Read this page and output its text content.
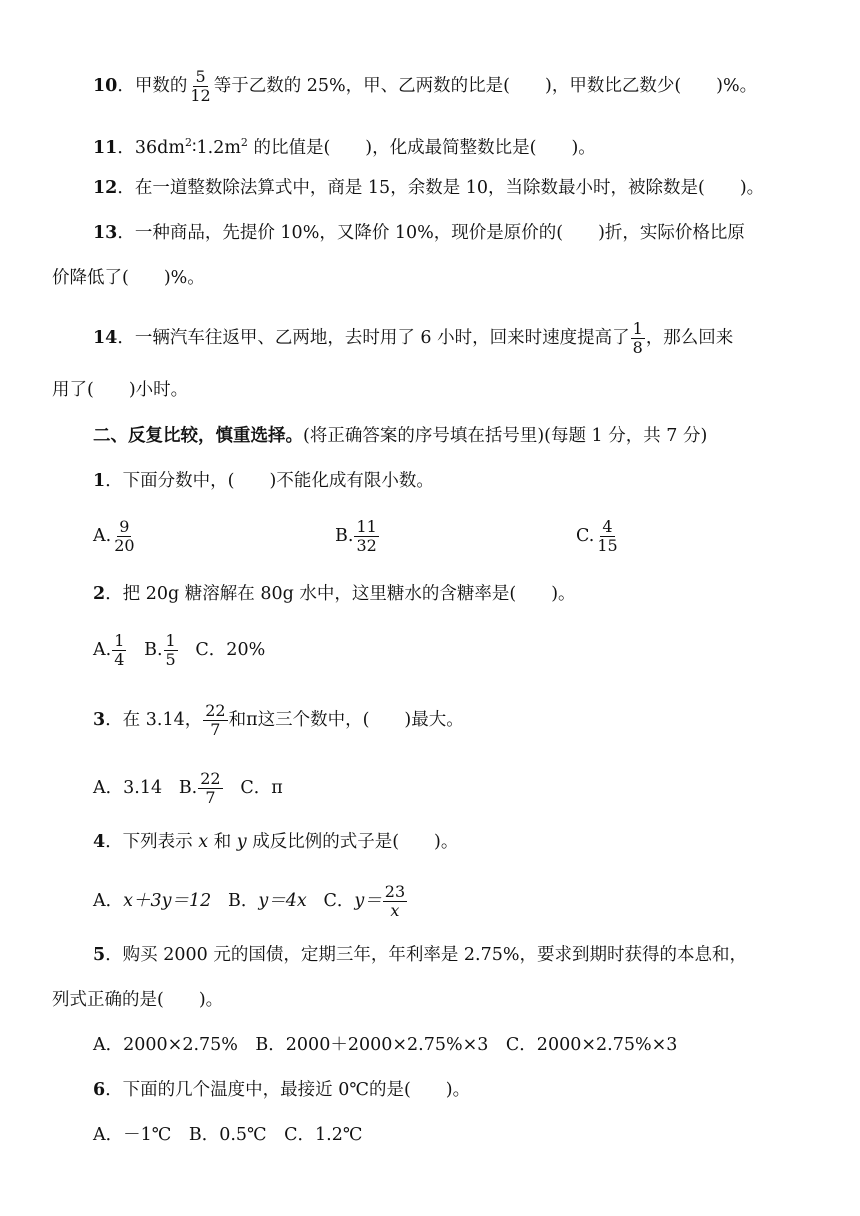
10．甲数的 $\frac{5}{12}$ 等于乙数的 25%，甲、乙两数的比是(　　)，甲数比乙数少(　　)%。
11．$36dm^2∶1.2m^2$ 的比值是(　　)，化成最简整数比是(　　)。
12．在一道整数除法算式中，商是 15，余数是 10，当除数最小时，被除数是(　　)。
13．一种商品，先提价 10%，又降价 10%，现价是原价的(　　)折，实际价格比原
价降低了(　　)%。
14．一辆汽车往返甲、乙两地，去时用了 6 小时，回来时速度提高了 $\frac{1}{8}$ ，那么回来
用了(　　)小时。
二、反复比较，慎重选择。(将正确答案的序号填在括号里)(每题 1 分，共 7 分)
1．下面分数中，(　　)不能化成有限小数。
A. $\frac{9}{20}$	B. $\frac{11}{32}$	C. $\frac{4}{15}$
2．把 20g 糖溶解在 80g 水中，这里糖水的含糖率是(　　)。
A. $\frac{1}{4} B$. $\frac{1}{5}$ C．20%
3．在 3.14， $\frac{22}{7}$ 和π这三个数中，(　　)最大。
A．3.14 B. $\frac{22}{7}$ C．π
4．下列表示 x 和 y 成反比例的式子是(　　)。
A．x＋3y＝12 B．y＝4x C．$y= \frac{23}{x}$
5．购买 2000 元的国债，定期三年，年利率是 2.75%，要求到期时获得的本息和，
列式正确的是(　　)。
A．2000×2.75%　B．2000＋2000×2.75%×3　C．2000×2.75%×3
6．下面的几个温度中，最接近 0℃的是(　　)。
A．－1℃　B．0.5℃　C．1.2℃
